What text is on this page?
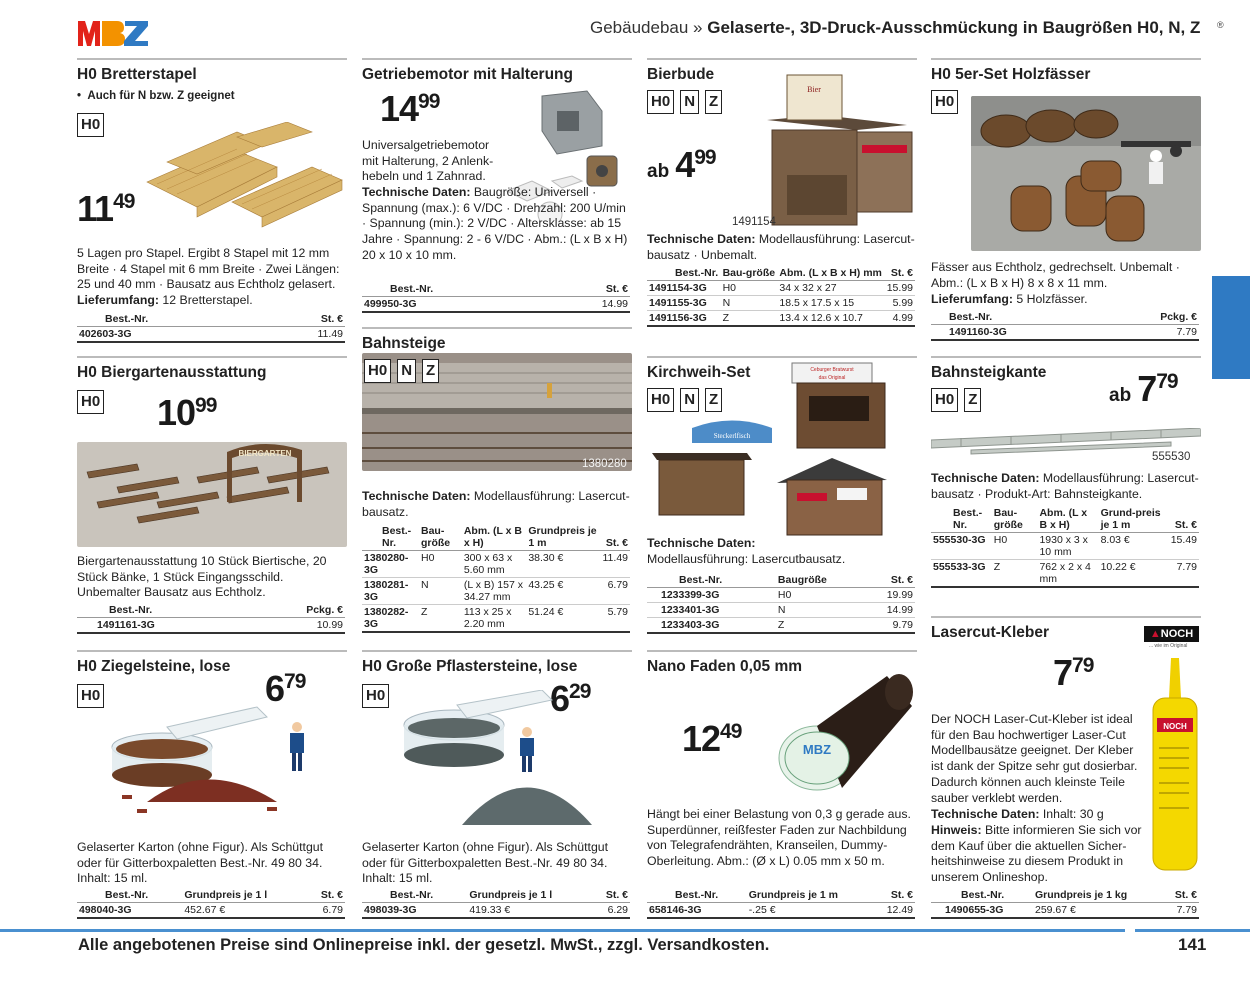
Gebäudebau » Gelaserte-, 3D-Druck-Ausschmückung in Baugrößen H0, N, Z ®
H0 Bretterstapel
•  Auch für N bzw. Z geeignet
H0
1149
5 Lagen pro Stapel. Ergibt 8 Stapel mit 12 mm Breite · 4 Stapel mit 6 mm Breite · Zwei Längen: 25 und 40 mm · Bausatz aus Echtholz gelasert.
Lieferumfang: 12 Bretterstapel.
Best.-Nr.	St. €
402603-3G	11.49
Getriebemotor mit Halterung
1499
Universalgetriebemotor mit Halterung, 2 Anlenk-hebeln und 1 Zahnrad.
Technische Daten: Baugröße: Universell · Spannung (max.): 6 V/DC · Drehzahl: 200 U/min · Spannung (min.): 2 V/DC · Altersklasse: ab 15 Jahre · Spannung: 2 - 6 V/DC · Abm.: (L x B x H) 20 x 10 x 10 mm.
Best.-Nr.	St. €
499950-3G	14.99
Bierbude
H0 N Z
ab 499
Bier
1491154
Technische Daten: Modellausführung: Lasercut-bausatz · Unbemalt.
Best.-Nr.	Bau-größe	Abm. (L x B x H) mm	St. €
1491154-3G	H0	34 x 32 x 27	15.99
1491155-3G	N	18.5 x 17.5 x 15	5.99
1491156-3G	Z	13.4 x 12.6 x 10.7	4.99
H0 5er-Set Holzfässer
H0
Fässer aus Echtholz, gedrechselt. Unbemalt · Abm.: (L x B x H) 8 x 8 x 11 mm.
Lieferumfang: 5 Holzfässer.
Best.-Nr.	Pckg. €
1491160-3G	7.79
H0 Biergartenausstattung
H0 1099
BIERGARTEN
Biergartenausstattung 10 Stück Biertische, 20 Stück Bänke, 1 Stück Eingangsschild. Unbemalter Bausatz aus Echtholz.
Best.-Nr.	Pckg. €
1491161-3G	10.99
Bahnsteige
H0 N Z
1380280
Technische Daten: Modellausführung: Lasercut-bausatz.
Best.-Nr.	Bau-größe	Abm. (L x B x H)	Grundpreis je 1 m	St. €
1380280-3G	H0	300 x 63 x 5.60 mm	38.30 €	11.49
1380281-3G	N	(L x B) 157 x 34.27 mm	43.25 €	6.79
1380282-3G	Z	113 x 25 x 2.20 mm	51.24 €	5.79
Kirchweih-Set
H0 N Z
Ceburger Bratwurst
das Original
Steckerlfisch
Technische Daten:
Modellausführung: Lasercutbausatz.
Best.-Nr.	Baugröße	St. €
1233399-3G	H0	19.99
1233401-3G	N	14.99
1233403-3G	Z	9.79
Bahnsteigkante
H0 Z	ab 779
555530
Technische Daten: Modellausführung: Lasercut-bausatz · Produkt-Art: Bahnsteigkante.
Best.-Nr.	Bau-größe	Abm. (L x B x H)	Grund-preis je 1 m	St. €
555530-3G	H0	1930 x 3 x 10 mm	8.03 €	15.49
555533-3G	Z	762 x 2 x 4 mm	10.22 €	7.79
H0 Ziegelsteine, lose
H0	679
Gelaserter Karton (ohne Figur). Als Schüttgut oder für Gitterboxpaletten Best.-Nr. 49 80 34. Inhalt: 15 ml.
Best.-Nr.	Grundpreis je 1 l	St. €
498040-3G	452.67 €	6.79
H0 Große Pflastersteine, lose
H0	629
Gelaserter Karton (ohne Figur). Als Schüttgut oder für Gitterboxpaletten Best.-Nr. 49 80 34. Inhalt: 15 ml.
Best.-Nr.	Grundpreis je 1 l	St. €
498039-3G	419.33 €	6.29
Nano Faden 0,05 mm
MBZ
1249
Hängt bei einer Belastung von 0,3 g gerade aus. Superdünner, reißfester Faden zur Nachbildung von Telegrafendrähten, Kranseilen, Dummy-Oberleitung. Abm.: (Ø x L) 0.05 mm x 50 m.
Best.-Nr.	Grundpreis je 1 m	St. €
658146-3G	-.25 €	12.49
Lasercut-Kleber	▲NOCH
... wie im Original
779
NOCH
Der NOCH Laser-Cut-Kleber ist ideal für den Bau hochwertiger Laser-Cut Modellbausätze geeignet. Der Kleber ist dank der Spitze sehr gut dosierbar. Dadurch können auch kleinste Teile sauber verklebt werden.
Technische Daten: Inhalt: 30 g
Hinweis: Bitte informieren Sie sich vor dem Kauf über die aktuellen Sicher-heitshinweise zu diesem Produkt in unserem Onlineshop.
Best.-Nr.	Grundpreis je 1 kg	St. €
1490655-3G	259.67 €	7.79
Alle angebotenen Preise sind Onlinepreise inkl. der gesetzl. MwSt., zzgl. Versandkosten.	141
